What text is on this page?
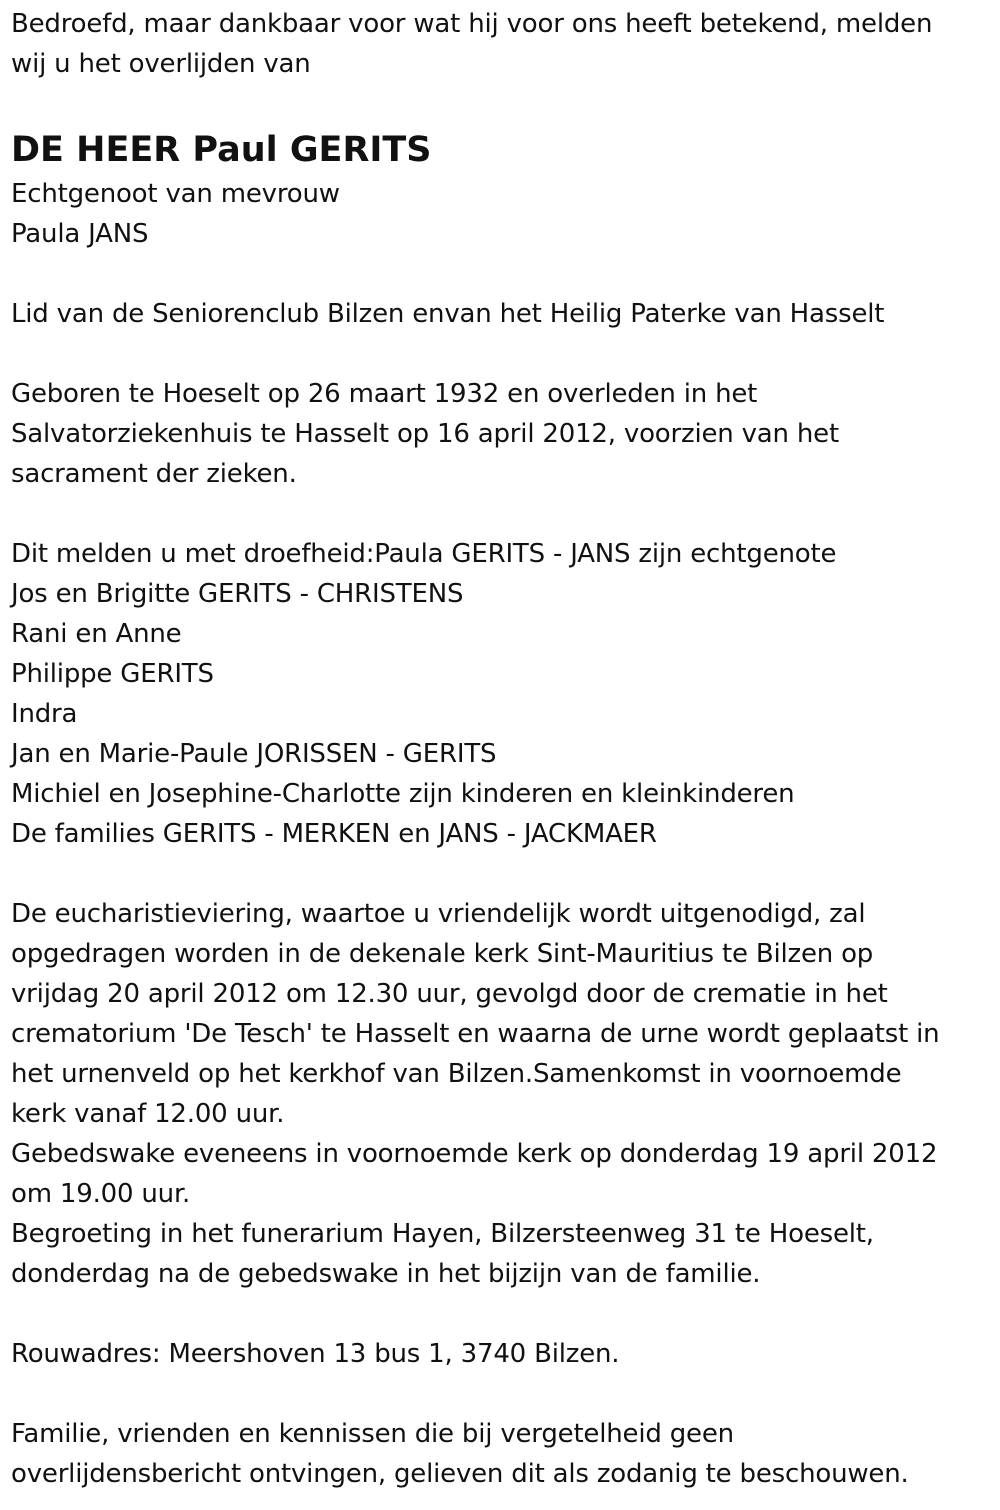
Bedroefd, maar dankbaar voor wat hij voor ons heeft betekend, melden
wij u het overlijden van
DE HEER Paul GERITS
Echtgenoot van mevrouw
Paula JANS
Lid van de Seniorenclub Bilzen envan het Heilig Paterke van Hasselt
Geboren te Hoeselt op 26 maart 1932 en overleden in het
Salvatorziekenhuis te Hasselt op 16 april 2012, voorzien van het
sacrament der zieken.
Dit melden u met droefheid:Paula GERITS - JANS zijn echtgenote
Jos en Brigitte GERITS - CHRISTENS
Rani en Anne
Philippe GERITS
Indra
Jan en Marie-Paule JORISSEN - GERITS
Michiel en Josephine-Charlotte zijn kinderen en kleinkinderen
De families GERITS - MERKEN en JANS - JACKMAER
De eucharistieviering, waartoe u vriendelijk wordt uitgenodigd, zal
opgedragen worden in de dekenale kerk Sint-Mauritius te Bilzen op
vrijdag 20 april 2012 om 12.30 uur, gevolgd door de crematie in het
crematorium 'De Tesch' te Hasselt en waarna de urne wordt geplaatst in
het urnenveld op het kerkhof van Bilzen.Samenkomst in voornoemde
kerk vanaf 12.00 uur.
Gebedswake eveneens in voornoemde kerk op donderdag 19 april 2012
om 19.00 uur.
Begroeting in het funerarium Hayen, Bilzersteenweg 31 te Hoeselt,
donderdag na de gebedswake in het bijzijn van de familie.
Rouwadres: Meershoven 13 bus 1, 3740 Bilzen.
Familie, vrienden en kennissen die bij vergetelheid geen
overlijdensbericht ontvingen, gelieven dit als zodanig te beschouwen.
